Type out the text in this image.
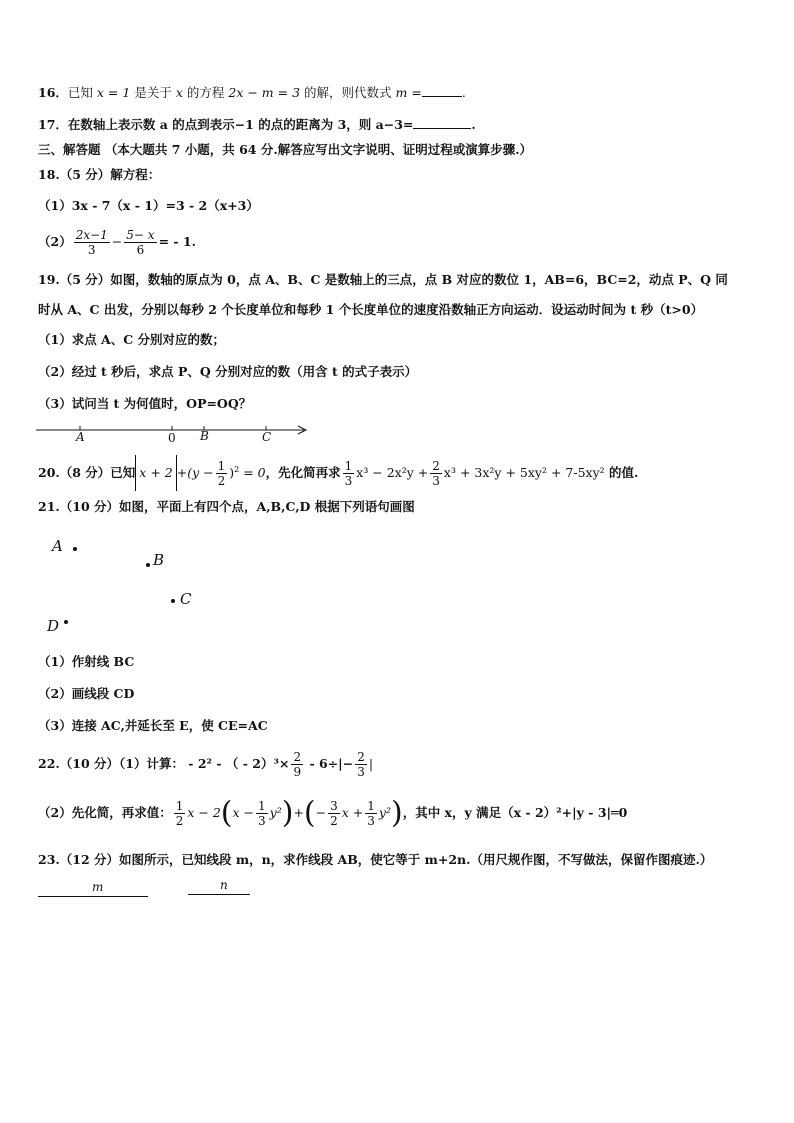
16．已知 x = 1 是关于 x 的方程 2x − m = 3 的解，则代数式 m =	.
17．在数轴上表示数 a 的点到表示−1 的点的距离为 3，则 a−3=	.
三、解答题 （本大题共 7 小题，共 64 分.解答应写出文字说明、证明过程或演算步骤.）
18.（5 分）解方程：
（1）3x - 7（x - 1）=3 - 2（x+3）
$(2) \frac{2x-1}{3} - \frac{5- x}{6}$ = - 1.
19.（5 分）如图，数轴的原点为 0，点 A、B、C 是数轴上的三点，点 B 对应的数位 1，AB=6，BC=2，动点 P、Q 同
时从 A、C 出发，分别以每秒 2 个长度单位和每秒 1 个长度单位的速度沿数轴正方向运动．设运动时间为 t 秒（t>0）
（1）求点 A、C 分别对应的数；
（2）经过 t 秒后，求点 P、Q 分别对应的数（用含 t 的式子表示）
（3）试问当 t 为何值时，OP=OQ？
A	0 B	C
20.（8 分）已知 $x + 2 +(y - \frac{1}{2} )^2 = 0$，先化简再求 $\frac{1}{3} x^3 - 2x^2y + \frac{2}{3} x^3 + 3x^2y + 5xy^2 + 7-5xy^2$ 的值.
21.（10 分）如图，平面上有四个点，A,B,C,D 根据下列语句画图
A
B
C
D
（1）作射线 BC
（2）画线段 CD
（3）连接 AC,并延长至 E，使 CE=AC
22.（10 分）（1）计算： - 2² - （ - $2)^3\times \frac{2}{9} - 6\div|- \frac{2}{3}$ |
（2）先化简，再求值： $\frac{1}{2}$ $x - 2(x - \frac{1}{3} y^2)+(- \frac{3}{2}$ $x + \frac{1}{3} y^2$)，其中 x，y 满足（x - 2）²+|y - 3|═0
23.（12 分）如图所示，已知线段 m，n，求作线段 AB，使它等于 m+2n.（用尺规作图，不写做法，保留作图痕迹.）
m	n
